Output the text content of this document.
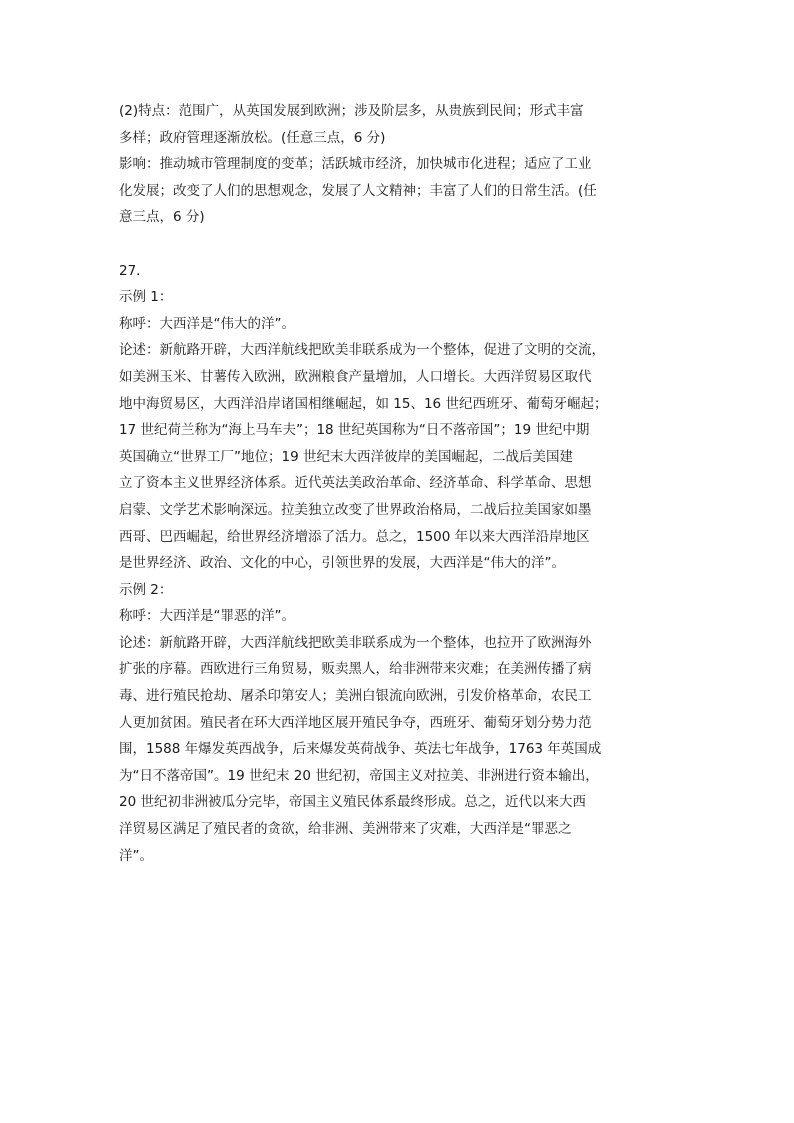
(2)特点：范围广，从英国发展到欧洲；涉及阶层多，从贵族到民间；形式丰富
多样；政府管理逐渐放松。(任意三点，6 分)
影响：推动城市管理制度的变革；活跃城市经济，加快城市化进程；适应了工业
化发展；改变了人们的思想观念，发展了人文精神；丰富了人们的日常生活。(任
意三点，6 分)
27.
示例 1：
称呼：大西洋是“伟大的洋”。
论述：新航路开辟，大西洋航线把欧美非联系成为一个整体，促进了文明的交流，
如美洲玉米、甘薯传入欧洲，欧洲粮食产量增加，人口增长。大西洋贸易区取代
地中海贸易区，大西洋沿岸诸国相继崛起，如 15、16 世纪西班牙、葡萄牙崛起；
17 世纪荷兰称为“海上马车夫”；18 世纪英国称为“日不落帝国”；19 世纪中期
英国确立“世界工厂”地位；19 世纪末大西洋彼岸的美国崛起，二战后美国建
立了资本主义世界经济体系。近代英法美政治革命、经济革命、科学革命、思想
启蒙、文学艺术影响深远。拉美独立改变了世界政治格局，二战后拉美国家如墨
西哥、巴西崛起，给世界经济增添了活力。总之，1500 年以来大西洋沿岸地区
是世界经济、政治、文化的中心，引领世界的发展，大西洋是“伟大的洋”。
示例 2：
称呼：大西洋是“罪恶的洋”。
论述：新航路开辟，大西洋航线把欧美非联系成为一个整体，也拉开了欧洲海外
扩张的序幕。西欧进行三角贸易，贩卖黑人，给非洲带来灾难；在美洲传播了病
毒、进行殖民抢劫、屠杀印第安人；美洲白银流向欧洲，引发价格革命，农民工
人更加贫困。殖民者在环大西洋地区展开殖民争夺，西班牙、葡萄牙划分势力范
围，1588 年爆发英西战争，后来爆发英荷战争、英法七年战争，1763 年英国成
为“日不落帝国”。19 世纪末 20 世纪初，帝国主义对拉美、非洲进行资本输出，
20 世纪初非洲被瓜分完毕，帝国主义殖民体系最终形成。总之，近代以来大西
洋贸易区满足了殖民者的贪欲，给非洲、美洲带来了灾难，大西洋是“罪恶之
洋”。
